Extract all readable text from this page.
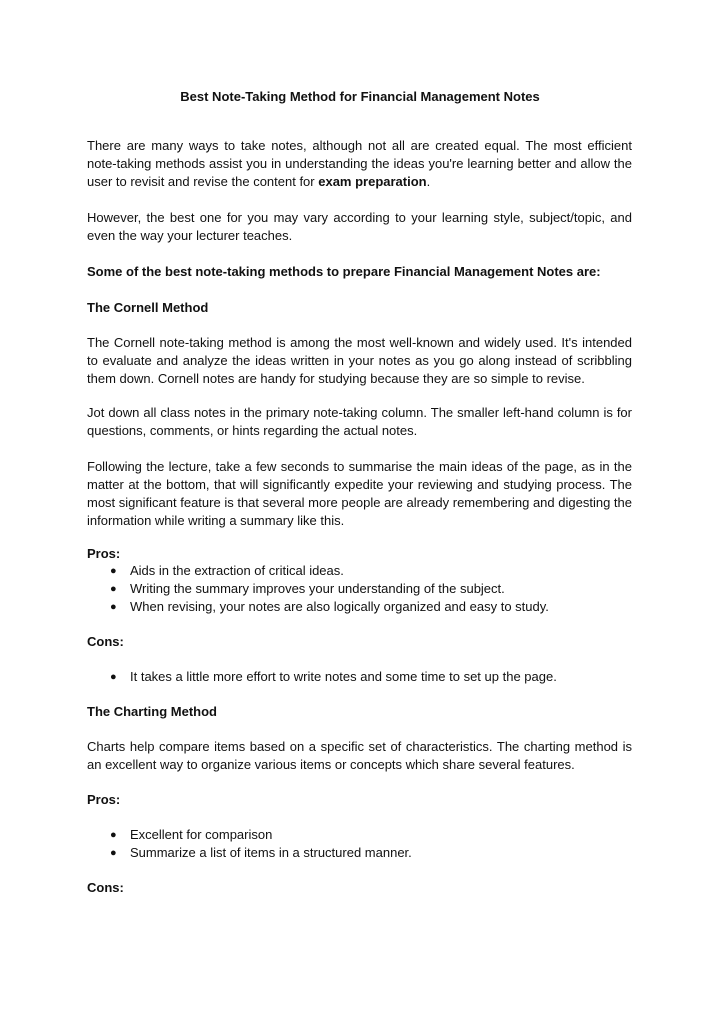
Best Note-Taking Method for Financial Management Notes
There are many ways to take notes, although not all are created equal. The most efficient note-taking methods assist you in understanding the ideas you're learning better and allow the user to revisit and revise the content for exam preparation.
However, the best one for you may vary according to your learning style, subject/topic, and even the way your lecturer teaches.
Some of the best note-taking methods to prepare Financial Management Notes are:
The Cornell Method
The Cornell note-taking method is among the most well-known and widely used. It's intended to evaluate and analyze the ideas written in your notes as you go along instead of scribbling them down. Cornell notes are handy for studying because they are so simple to revise.
Jot down all class notes in the primary note-taking column. The smaller left-hand column is for questions, comments, or hints regarding the actual notes.
Following the lecture, take a few seconds to summarise the main ideas of the page, as in the matter at the bottom, that will significantly expedite your reviewing and studying process. The most significant feature is that several more people are already remembering and digesting the information while writing a summary like this.
Pros:
● Aids in the extraction of critical ideas.
● Writing the summary improves your understanding of the subject.
● When revising, your notes are also logically organized and easy to study.
Cons:
● It takes a little more effort to write notes and some time to set up the page.
The Charting Method
Charts help compare items based on a specific set of characteristics. The charting method is an excellent way to organize various items or concepts which share several features.
Pros:
● Excellent for comparison
● Summarize a list of items in a structured manner.
Cons:
